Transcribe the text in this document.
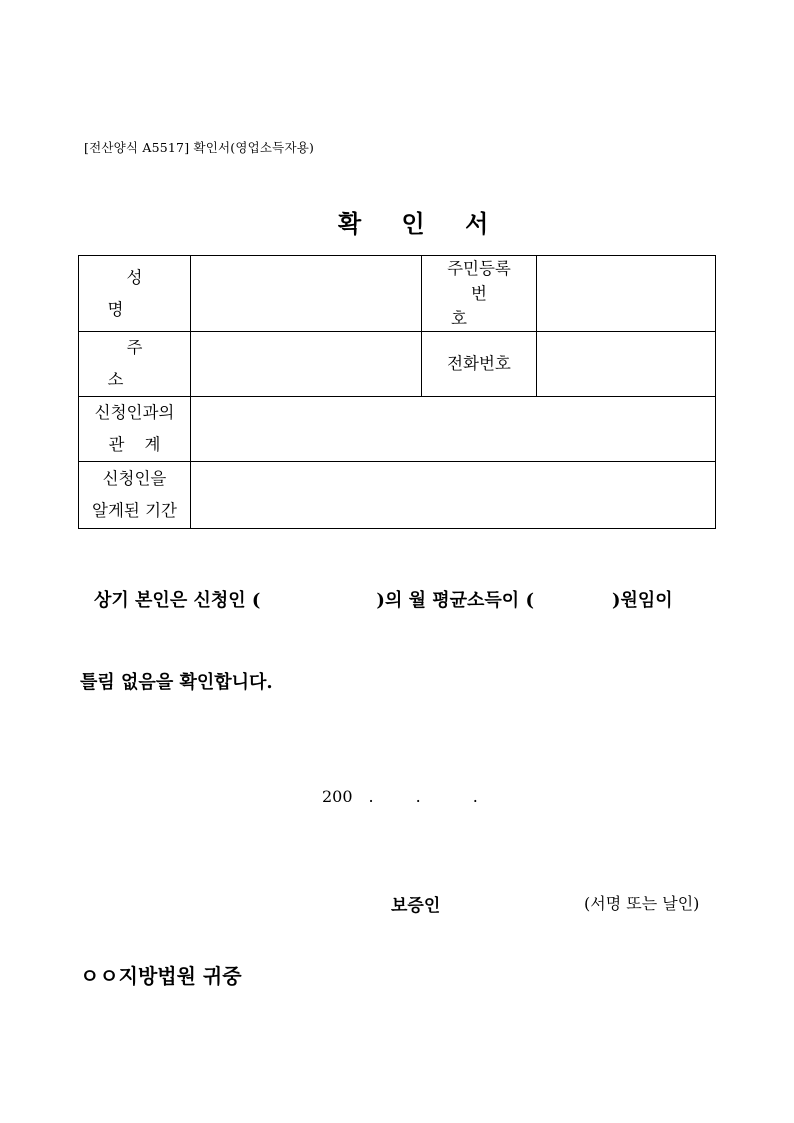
[전산양식 A5517] 확인서(영업소득자용)
확 인 서
성명		주민등록
번호	

주소		전화번호	

신청인과의
관계			

신청인을
알게된 기간			

상기 본인은 신청인 (	)의 월 평균소득이 (	)원임이
틀림 없음을 확인합니다.
200 .	.	.
보증인	(서명 또는 날인)
ㅇㅇ지방법원 귀중
